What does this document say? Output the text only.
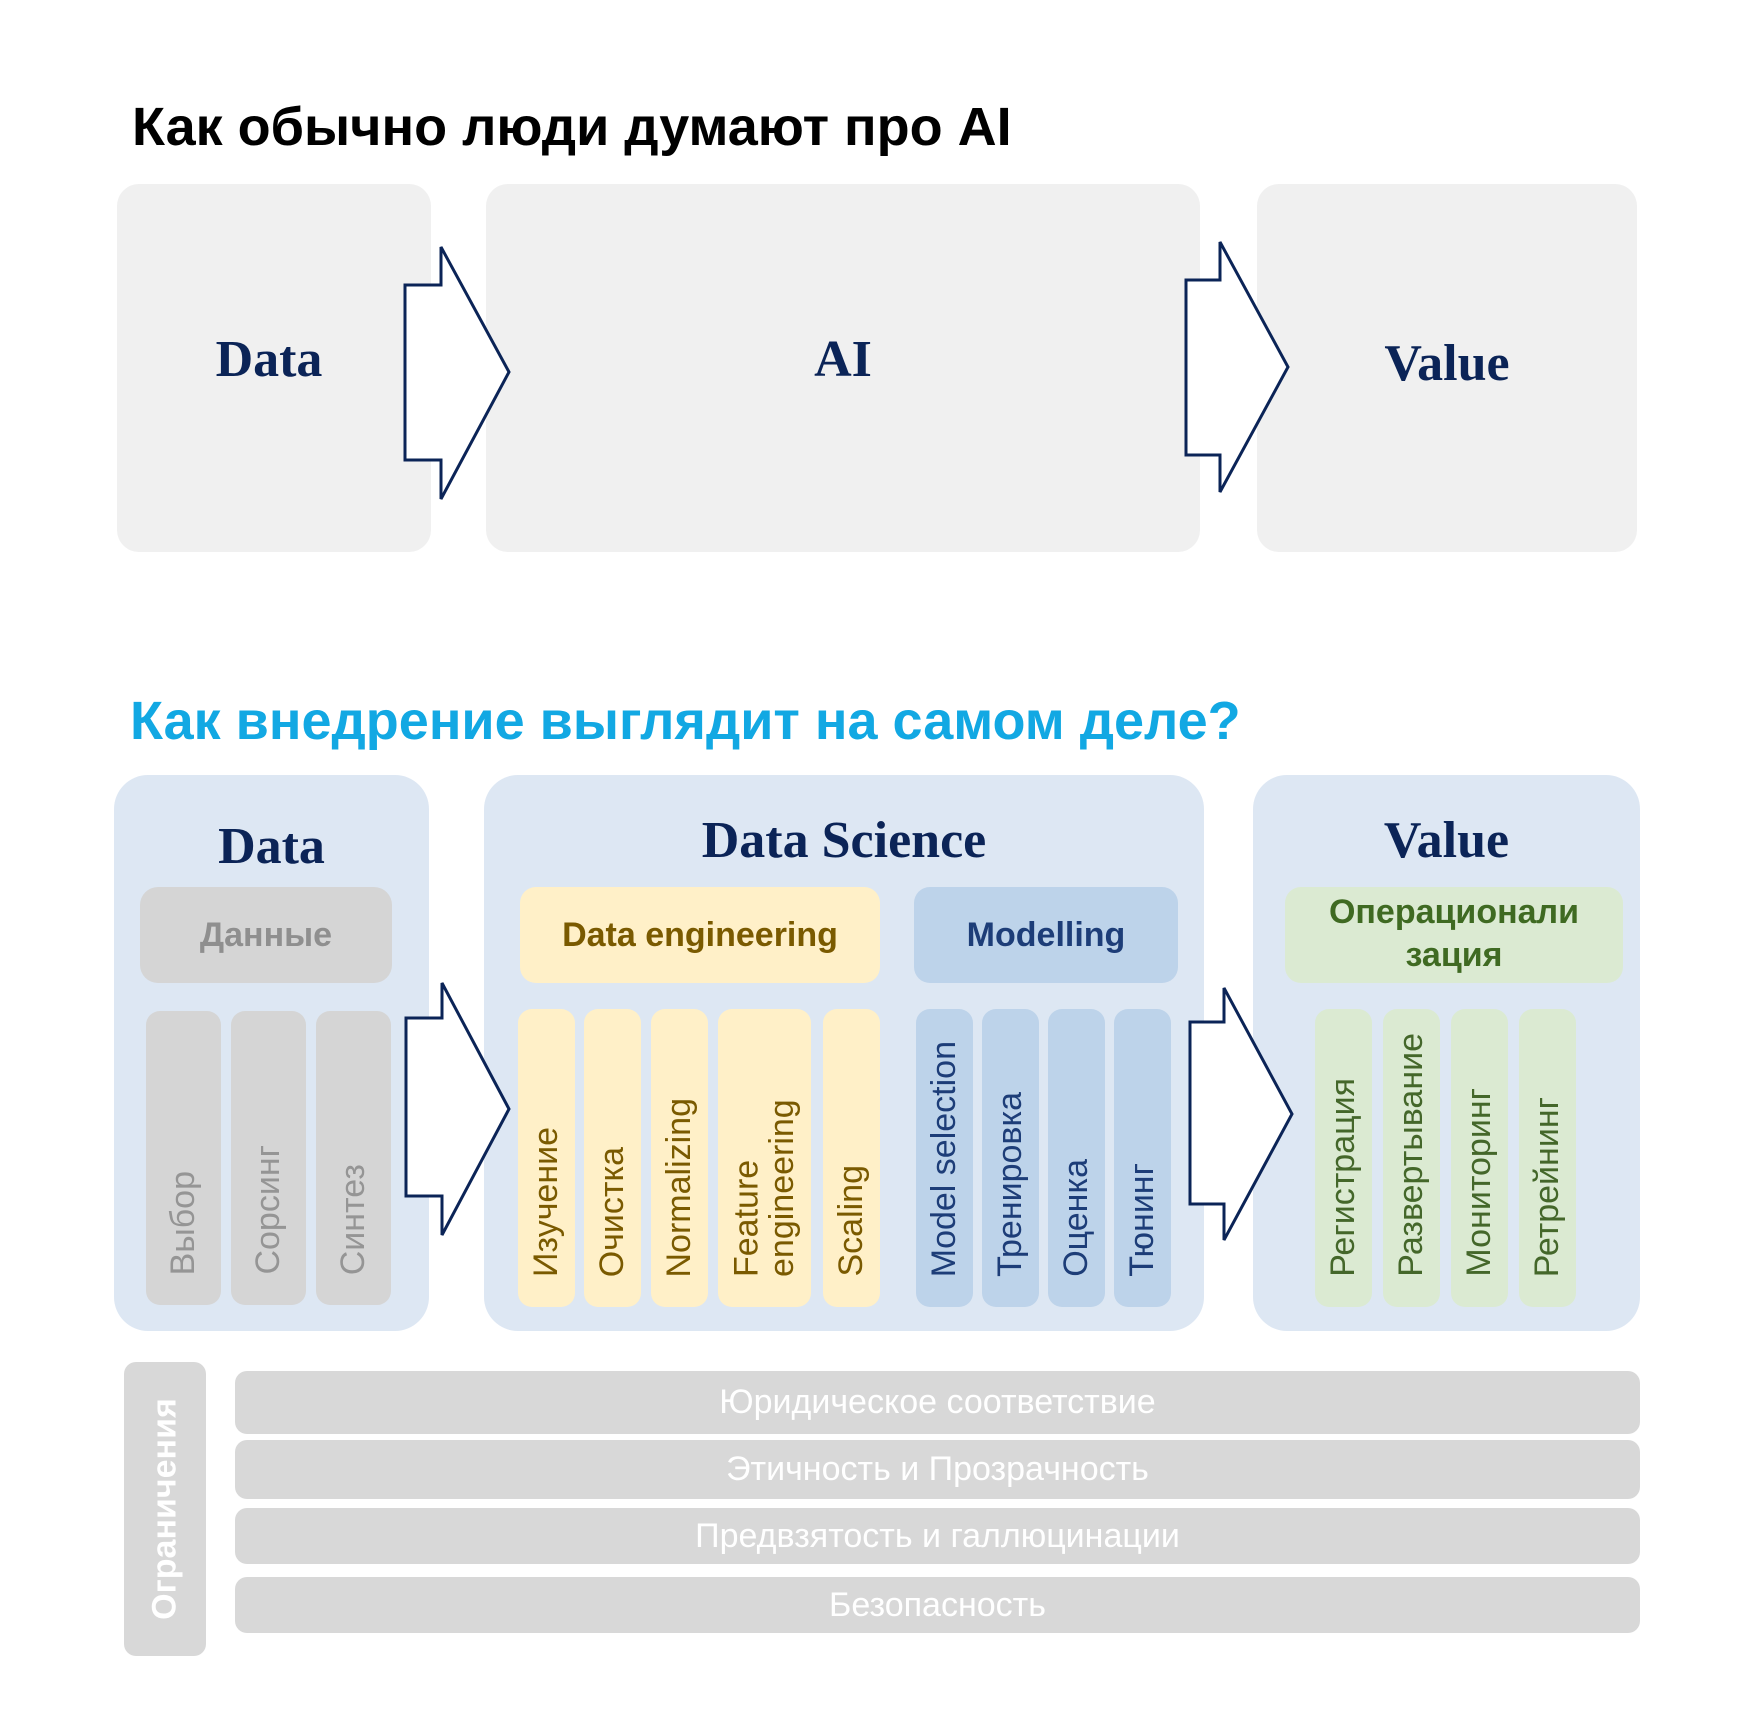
Как обычно люди думают про AI
Data	AI	Value
Как внедрение выглядит на самом деле?
Data
Данные
Выбор Сорсинг Синтез
Data Science
Data engineering
Изучение Очистка Normalizing Feature engineering Scaling
Modelling
Model selection Тренировка Оценка Тюнинг
Value
Операционали
зация
Регистрация Развертывание Мониторинг Ретрейнинг
Ограничения	Юридическое соответствие
Этичность и Прозрачность
Предвзятость и галлюцинации
Безопасность
